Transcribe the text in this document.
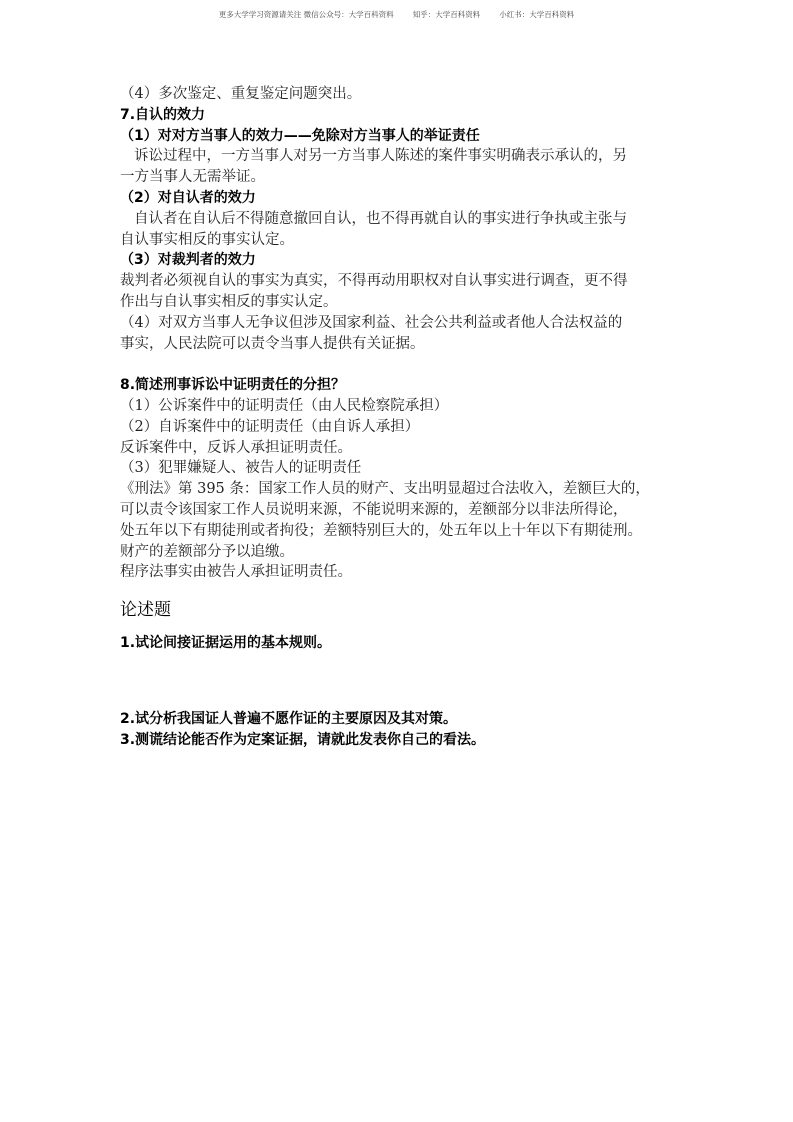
更多大学学习资源请关注 微信公众号：大学百科资料        知乎：大学百科资料        小红书：大学百科资料
（4）多次鉴定、重复鉴定问题突出。
7.自认的效力
（1）对对方当事人的效力——免除对方当事人的举证责任
诉讼过程中，一方当事人对另一方当事人陈述的案件事实明确表示承认的，另
一方当事人无需举证。
（2）对自认者的效力
自认者在自认后不得随意撤回自认，也不得再就自认的事实进行争执或主张与
自认事实相反的事实认定。
（3）对裁判者的效力
裁判者必须视自认的事实为真实，不得再动用职权对自认事实进行调查，更不得
作出与自认事实相反的事实认定。
（4）对双方当事人无争议但涉及国家利益、社会公共利益或者他人合法权益的
事实，人民法院可以责令当事人提供有关证据。
8.简述刑事诉讼中证明责任的分担？
（1）公诉案件中的证明责任（由人民检察院承担）
（2）自诉案件中的证明责任（由自诉人承担）
反诉案件中，反诉人承担证明责任。
（3）犯罪嫌疑人、被告人的证明责任
《刑法》第 395 条：国家工作人员的财产、支出明显超过合法收入，差额巨大的，
可以责令该国家工作人员说明来源，不能说明来源的，差额部分以非法所得论，
处五年以下有期徒刑或者拘役；差额特别巨大的，处五年以上十年以下有期徒刑。
财产的差额部分予以追缴。
程序法事实由被告人承担证明责任。
论述题
1.试论间接证据运用的基本规则。
2.试分析我国证人普遍不愿作证的主要原因及其对策。
3.测谎结论能否作为定案证据，请就此发表你自己的看法。
